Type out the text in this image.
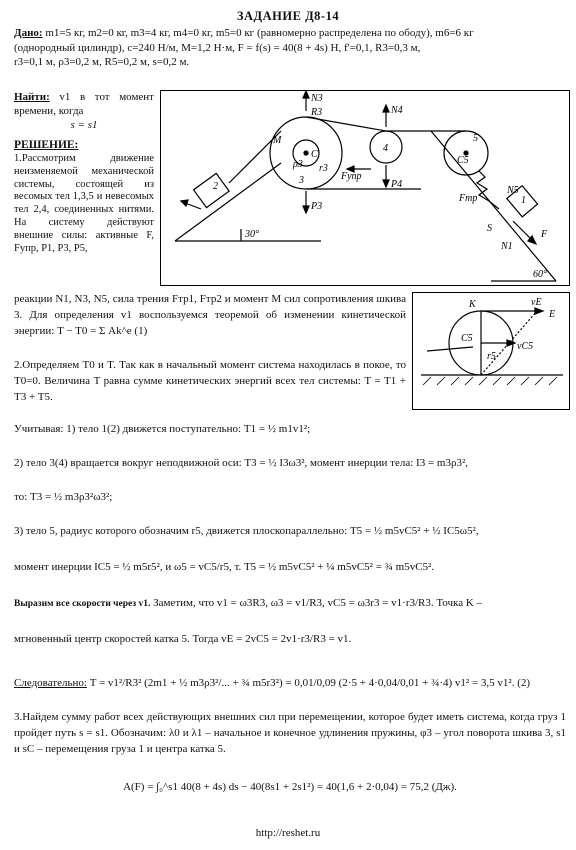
ЗАДАНИЕ Д8-14
Дано: m1=5 кг, m2=0 кг, m3=4 кг, m4=0 кг, m5=0 кг (равномерно распределена по ободу), m6=6 кг
(однородный цилиндр), c=240 Н/м, M=1,2 Н·м, F = f(s) = 40(8 + 4s) Н, f'=0,1, R3=0,3 м,
r3=0,1 м, ρ3=0,2 м, R5=0,2 м, s=0,2 м.
Найти: v1 в тот момент времени, когда
s = s1
РЕШЕНИЕ:
1.Рассмотрим движение неизменяемой механической системы, состоящей из весомых тел 1,3,5 и невесомых тел 2,4, соединенных нитями. На систему действуют внешние силы: активные F, Fупр, P1, P3, P5,
M
R3
ρ3 r3
C
3
N3
P3
4
N4
Fупр
P4
5
N5
C5
Fтр
S
N1
F
1
30°
60°
2
K	vE
C5
vC5
r5
E
реакции N1, N3, N5, сила трения Fтр1, Fтр2 и момент M сил сопротивления шкива 3. Для определения v1 воспользуемся теоремой об изменении кинетической энергии: T − T0 = Σ Ak^e (1)
2.Определяем T0 и T. Так как в начальный момент система находилась в покое, то T0=0. Величина T равна сумме кинетических энергий всех тел системы: T = T1 + T3 + T5.
Учитывая: 1) тело 1(2) движется поступательно: T1 = ½ m1v1²;
2) тело 3(4) вращается вокруг неподвижной оси: T3 = ½ I3ω3², момент инерции тела: I3 = m3ρ3²,
то: T3 = ½ m3ρ3²ω3²;
3) тело 5, радиус которого обозначим r5, движется плоскопараллельно: T5 = ½ m5vC5² + ½ IC5ω5²,
момент инерции IC5 = ½ m5r5², и ω5 = vC5/r5, т. T5 = ½ m5vC5² + ¼ m5vC5² = ¾ m5vC5².
Выразим все скорости через v1. Заметим, что v1 = ω3R3, ω3 = v1/R3, vC5 = ω3r3 = v1·r3/R3. Точка K –
мгновенный центр скоростей катка 5. Тогда vE = 2vC5 = 2v1·r3/R3 = v1.
Следовательно: T = v1²/R3² (2m1 + ½ m3ρ3²/... + ¾ m5r3²) = 0,01/0,09 (2·5 + 4·0,04/0,01 + ¾·4) v1² = 3,5 v1². (2)
3.Найдем сумму работ всех действующих внешних сил при перемещении, которое будет иметь система, когда груз 1 пройдет путь s = s1. Обозначим: λ0 и λ1 – начальное и конечное удлинения пружины, φ3 – угол поворота шкива 3, s1 и sC – перемещения груза 1 и центра катка 5.
A(F) = ∫₀^s1 40(8 + 4s) ds − 40(8s1 + 2s1²) = 40(1,6 + 2·0,04) = 75,2 (Дж).
http://reshet.ru
